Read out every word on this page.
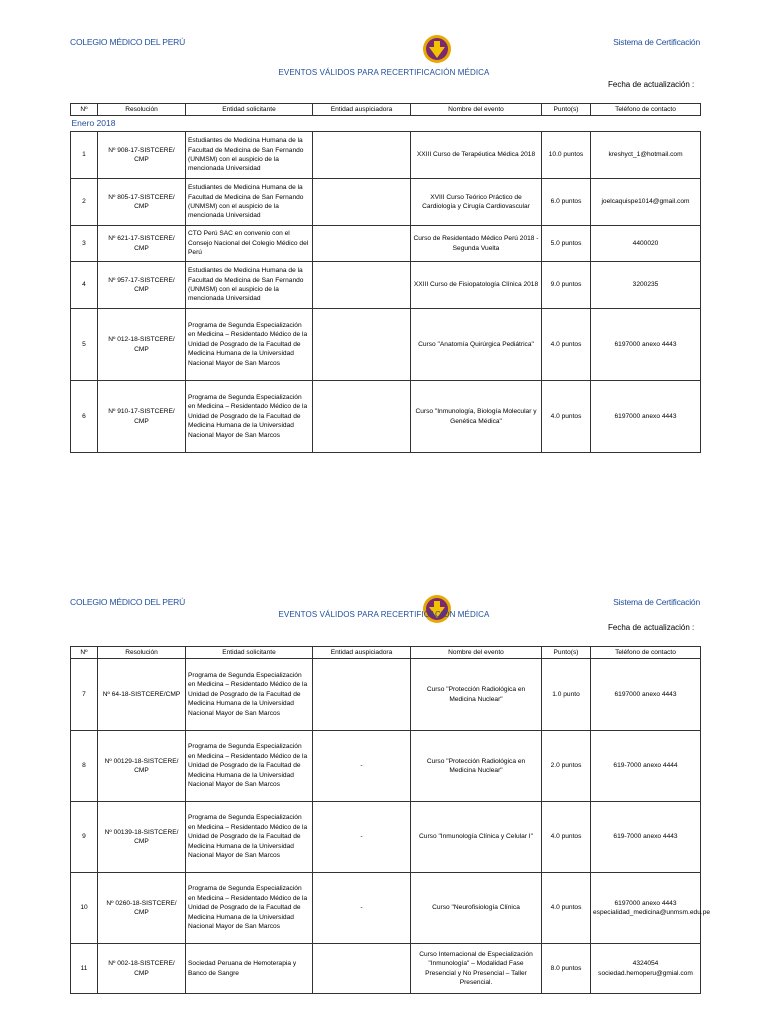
COLEGIO MÉDICO DEL PERÚ	Sistema de Certificación
EVENTOS VÁLIDOS PARA RECERTIFICACIÓN MÉDICA
Fecha de actualización :
Nº	Resolución	Entidad solicitante	Entidad auspiciadora	Nombre del evento	Punto(s)	Teléfono de contacto
Enero 2018						
1	Nº 908-17-SISTCERE/ CMP	Estudiantes de Medicina Humana de la Facultad de Medicina de San Fernando (UNMSM) con el auspicio de la mencionada Universidad		XXIII Curso de Terapéutica Médica 2018	10.0 puntos	kreshyct_1@hotmail.com
2	Nº 805-17-SISTCERE/ CMP	Estudiantes de Medicina Humana de la Facultad de Medicina de San Fernando (UNMSM) con el auspicio de la mencionada Universidad		XVIII Curso Teórico Práctico de Cardiología y Cirugía Cardiovascular	6.0 puntos	joelcaquispe1014@gmail.com
3	Nº 621-17-SISTCERE/ CMP	CTO Perú SAC en convenio con el Consejo Nacional del Colegio Médico del Perú		Curso de Residentado Médico Perú 2018 - Segunda Vuelta	5.0 puntos	4400020
4	Nº 957-17-SISTCERE/ CMP	Estudiantes de Medicina Humana de la Facultad de Medicina de San Fernando (UNMSM) con el auspicio de la mencionada Universidad		XXIII Curso de Fisiopatología Clínica 2018	9.0 puntos	3200235
5	Nº 012-18-SISTCERE/ CMP	Programa de Segunda Especialización en Medicina – Residentado Médico de la Unidad de Posgrado de la Facultad de Medicina Humana de la Universidad Nacional Mayor de San Marcos		Curso "Anatomía Quirúrgica Pediátrica"	4.0 puntos	6197000 anexo 4443
6	Nº 910-17-SISTCERE/ CMP	Programa de Segunda Especialización en Medicina – Residentado Médico de la Unidad de Posgrado de la Facultad de Medicina Humana de la Universidad Nacional Mayor de San Marcos		Curso "Inmunología, Biología Molecular y Genética Médica"	4.0 puntos	6197000 anexo 4443
COLEGIO MÉDICO DEL PERÚ	Sistema de Certificación
EVENTOS VÁLIDOS PARA RECERTIFICACIÓN MÉDICA
Fecha de actualización :
Nº	Resolución	Entidad solicitante	Entidad auspiciadora	Nombre del evento	Punto(s)	Teléfono de contacto
7	Nº 64-18-SISTCERE/CMP	Programa de Segunda Especialización en Medicina – Residentado Médico de la Unidad de Posgrado de la Facultad de Medicina Humana de la Universidad Nacional Mayor de San Marcos		Curso "Protección Radiológica en Medicina Nuclear"	1.0 punto	6197000 anexo 4443
8	Nº 00129-18-SISTCERE/ CMP	Programa de Segunda Especialización en Medicina – Residentado Médico de la Unidad de Posgrado de la Facultad de Medicina Humana de la Universidad Nacional Mayor de San Marcos	-	Curso "Protección Radiológica en Medicina Nuclear"	2.0 puntos	619-7000 anexo 4444
9	Nº 00139-18-SISTCERE/ CMP	Programa de Segunda Especialización en Medicina – Residentado Médico de la Unidad de Posgrado de la Facultad de Medicina Humana de la Universidad Nacional Mayor de San Marcos	-	Curso "Inmunología Clínica y Celular I"	4.0 puntos	619-7000 anexo 4443
10	Nº 0260-18-SISTCERE/ CMP	Programa de Segunda Especialización en Medicina – Residentado Médico de la Unidad de Posgrado de la Facultad de Medicina Humana de la Universidad Nacional Mayor de San Marcos	-	Curso "Neurofisiología Clínica	4.0 puntos	6197000 anexo 4443 especialidad_medicina@unmsm.edu.pe
11	Nº 002-18-SISTCERE/ CMP	Sociedad Peruana de Hemoterapia y Banco de Sangre		Curso Internacional de Especialización "Inmunología" – Modalidad Fase Presencial y No Presencial – Taller Presencial.	8.0 puntos	4324054 sociedad.hemoperu@gmial.com
